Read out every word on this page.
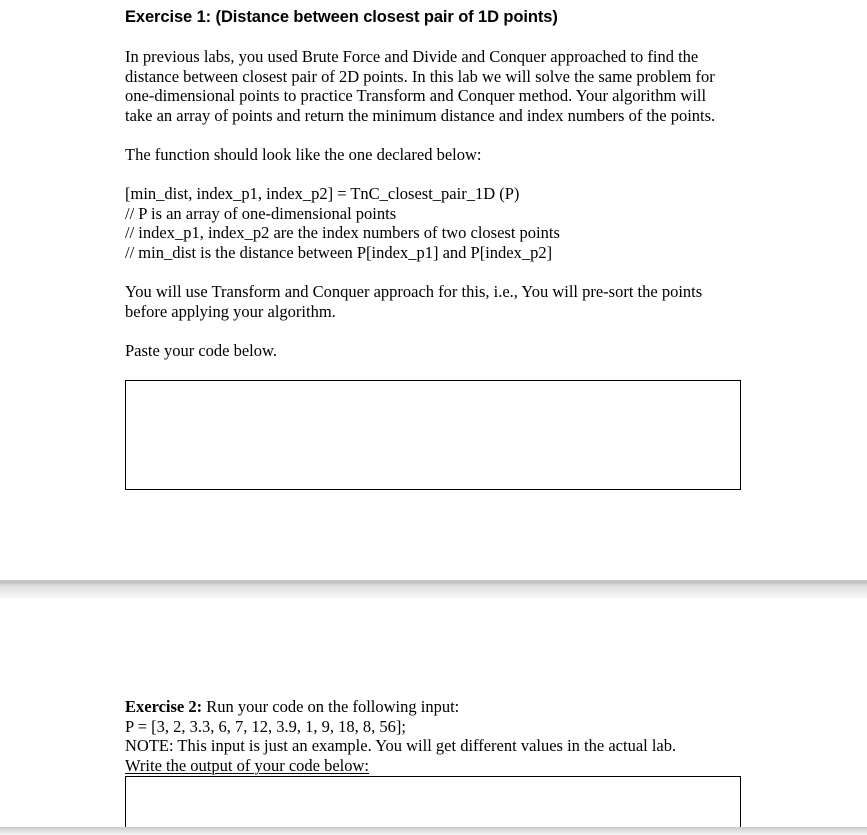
Exercise 1: (Distance between closest pair of 1D points)
In previous labs, you used Brute Force and Divide and Conquer approached to find the
distance between closest pair of 2D points. In this lab we will solve the same problem for
one-dimensional points to practice Transform and Conquer method. Your algorithm will
take an array of points and return the minimum distance and index numbers of the points.
The function should look like the one declared below:
[min_dist, index_p1, index_p2] = TnC_closest_pair_1D (P)
// P is an array of one-dimensional points
// index_p1, index_p2 are the index numbers of two closest points
// min_dist is the distance between P[index_p1] and P[index_p2]
You will use Transform and Conquer approach for this, i.e., You will pre-sort the points
before applying your algorithm.
Paste your code below.
Exercise 2: Run your code on the following input:
P = [3, 2, 3.3, 6, 7, 12, 3.9, 1, 9, 18, 8, 56];
NOTE: This input is just an example. You will get different values in the actual lab.
Write the output of your code below:
